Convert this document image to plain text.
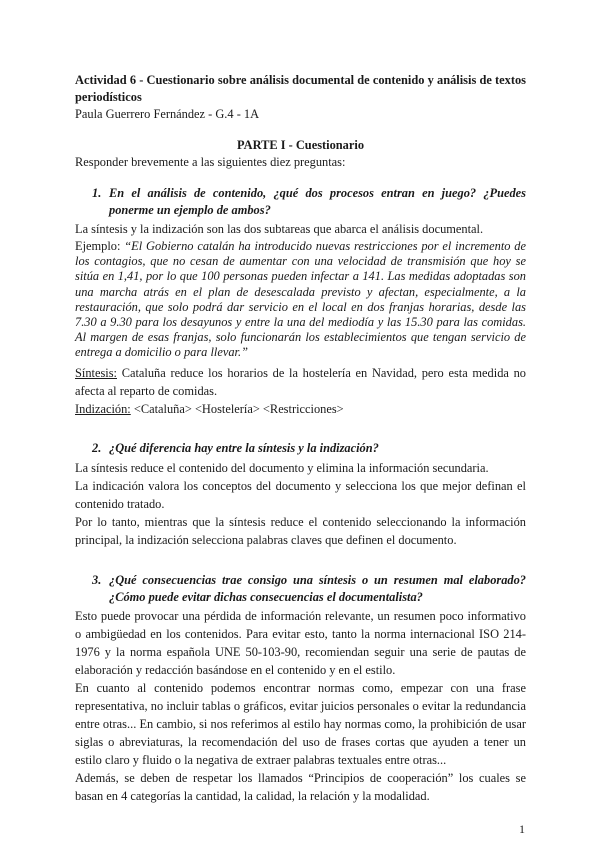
Actividad 6 - Cuestionario sobre análisis documental de contenido y análisis de textos periodísticos

Paula Guerrero Fernández - G.4 - 1A

PARTE I - Cuestionario

Responder brevemente a las siguientes diez preguntas:

1. En el análisis de contenido, ¿qué dos procesos entran en juego? ¿Puedes ponerme un ejemplo de ambos?

La síntesis y la indización son las dos subtareas que abarca el análisis documental.

Ejemplo: “El Gobierno catalán ha introducido nuevas restricciones por el incremento de los contagios, que no cesan de aumentar con una velocidad de transmisión que hoy se sitúa en 1,41, por lo que 100 personas pueden infectar a 141. Las medidas adoptadas son una marcha atrás en el plan de desescalada previsto y afectan, especialmente, a la restauración, que solo podrá dar servicio en el local en dos franjas horarias, desde las 7.30 a 9.30 para los desayunos y entre la una del mediodía y las 15.30 para las comidas. Al margen de esas franjas, solo funcionarán los establecimientos que tengan servicio de entrega a domicilio o para llevar.”

Síntesis: Cataluña reduce los horarios de la hostelería en Navidad, pero esta medida no afecta al reparto de comidas.

Indización: <Cataluña> <Hostelería> <Restricciones>

2. ¿Qué diferencia hay entre la síntesis y la indización?

La síntesis reduce el contenido del documento y elimina la información secundaria.

La indicación valora los conceptos del documento y selecciona los que mejor definan el contenido tratado.

Por lo tanto, mientras que la síntesis reduce el contenido seleccionando la información principal, la indización selecciona palabras claves que definen el documento.

3. ¿Qué consecuencias trae consigo una síntesis o un resumen mal elaborado? ¿Cómo puede evitar dichas consecuencias el documentalista?

Esto puede provocar una pérdida de información relevante, un resumen poco informativo o ambigüedad en los contenidos. Para evitar esto, tanto la norma internacional ISO 214-1976 y la norma española UNE 50-103-90, recomiendan seguir una serie de pautas de elaboración y redacción basándose en el contenido y en el estilo.

En cuanto al contenido podemos encontrar normas como, empezar con una frase representativa, no incluir tablas o gráficos, evitar juicios personales o evitar la redundancia entre otras... En cambio, si nos referimos al estilo hay normas como, la prohibición de usar siglas o abreviaturas, la recomendación del uso de frases cortas que ayuden a tener un estilo claro y fluido o la negativa de extraer palabras textuales entre otras...

Además, se deben de respetar los llamados “Principios de cooperación” los cuales se basan en 4 categorías la cantidad, la calidad, la relación y la modalidad.

1
